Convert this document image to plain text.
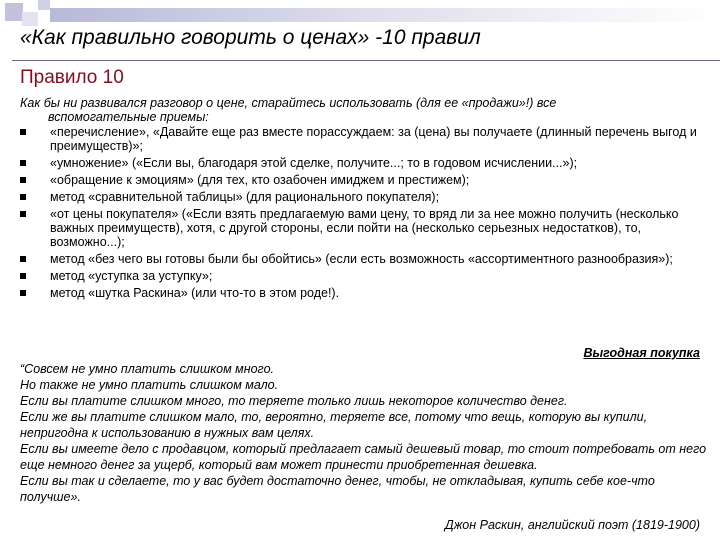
«Как правильно говорить о ценах» -10 правил
Правило 10

Как бы ни развивался разговор о цене, старайтесь использовать (для ее «продажи»!) все
вспомогательные приемы:

«перечисление», «Давайте еще раз вместе порассуждаем: за (цена) вы получаете (длинный перечень выгод и преимуществ)»;
«умножение» («Если вы, благодаря этой сделке, получите...; то в годовом исчислении...»);
«обращение к эмоциям» (для тех, кто озабочен имиджем и престижем);
метод «сравнительной таблицы» (для рационального покупателя);
«от цены покупателя» («Если взять предлагаемую вами цену, то вряд ли за нее можно получить (несколько важных преимуществ), хотя, с другой стороны, если пойти на (несколько серьезных недостатков), то, возможно...);
метод «без чего вы готовы были бы обойтись» (если есть возможность «ассортиментного разнообразия»);
метод «уступка за уступку»;
метод «шутка Раскина» (или что-то в этом роде!).
Выгодная покупка

“Совсем не умно платить слишком много.

Но также не умно платить слишком мало.

Если вы платите слишком много, то теряете только лишь некоторое количество денег.

Если же вы платите слишком мало, то, вероятно, теряете все, потому что вещь, которую вы купили, непригодна к использованию в нужных вам целях.

Если вы имеете дело с продавцом, который предлагает самый дешевый товар, то стоит потребовать от него еще немного денег за ущерб, который вам может принести приобретенная дешевка.

Если вы так и сделаете, то у вас будет достаточно денег, чтобы, не откладывая, купить себе кое-что получше».

Джон Раскин, английский поэт (1819-1900)
